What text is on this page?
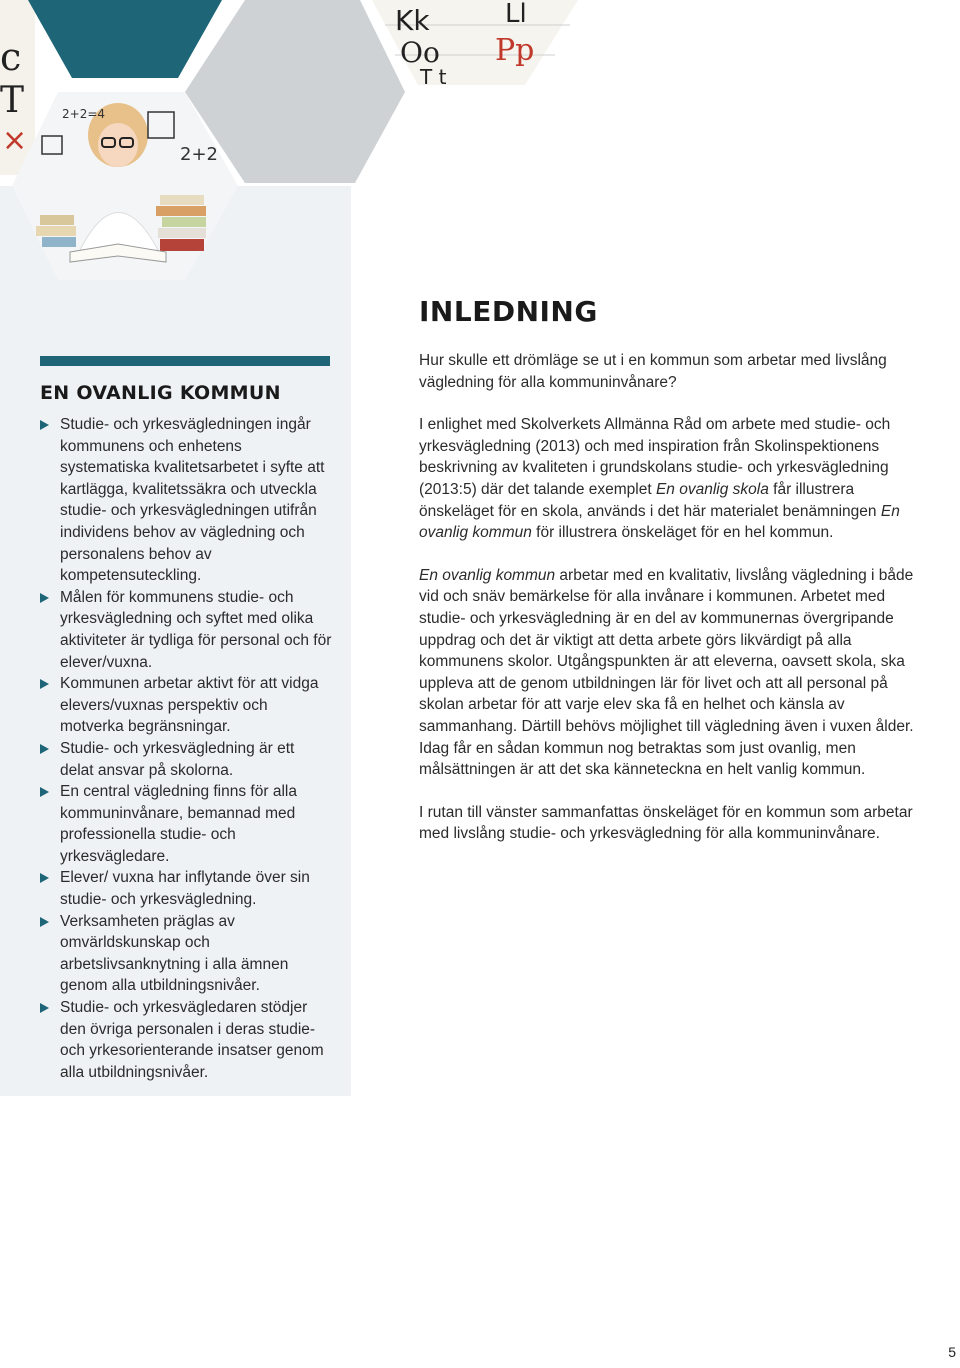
c
T
×
Kk	Ll
Oo Pp
T t
2+2=4
2+2
EN OVANLIG KOMMUN
Studie- och yrkesvägledningen ingår kommunens och enhetens systematiska kvalitetsarbetet i syfte att kartlägga, kvalitetssäkra och utveckla studie- och yrkesvägledningen utifrån individens behov av vägledning och personalens behov av kompetensuteckling.
Målen för kommunens studie- och yrkesvägledning och syftet med olika aktiviteter är tydliga för personal och för elever/vuxna.
Kommunen arbetar aktivt för att vidga elevers/vuxnas perspektiv och motverka begränsningar.
Studie- och yrkesvägledning är ett delat ansvar på skolorna.
En central vägledning finns för alla kommuninvånare, bemannad med professionella studie- och yrkesvägledare.
Elever/ vuxna har inflytande över sin studie- och yrkesvägledning.
Verksamheten präglas av omvärldskunskap och arbetslivsanknytning i alla ämnen genom alla utbildningsnivåer.
Studie- och yrkesvägledaren stödjer den övriga personalen i deras studie- och yrkesorienterande insatser genom alla utbildningsnivåer.
INLEDNING

Hur skulle ett drömläge se ut i en kommun som arbetar med livslång vägledning för alla kommuninvånare?

I enlighet med Skolverkets Allmänna Råd om arbete med studie- och yrkesvägledning (2013) och med inspiration från Skolinspektionens beskrivning av kvaliteten i grundskolans studie- och yrkesvägledning (2013:5) där det talande exemplet En ovanlig skola får illustrera önskeläget för en skola, används i det här materialet benämningen En ovanlig kommun för illustrera önskeläget för en hel kommun.

En ovanlig kommun arbetar med en kvalitativ, livslång vägledning i både vid och snäv bemärkelse för alla invånare i kommunen. Arbetet med studie- och yrkesvägledning är en del av kommunernas övergripande uppdrag och det är viktigt att detta arbete görs likvärdigt på alla kommunens skolor. Utgångspunkten är att eleverna, oavsett skola, ska uppleva att de genom utbildningen lär för livet och att all personal på skolan arbetar för att varje elev ska få en helhet och känsla av sammanhang. Därtill behövs möjlighet till vägledning även i vuxen ålder. Idag får en sådan kommun nog betraktas som just ovanlig, men målsättningen är att det ska känneteckna en helt vanlig kommun.

I rutan till vänster sammanfattas önskeläget för en kommun som arbetar med livslång studie- och yrkesvägledning för alla kommuninvånare.

5
